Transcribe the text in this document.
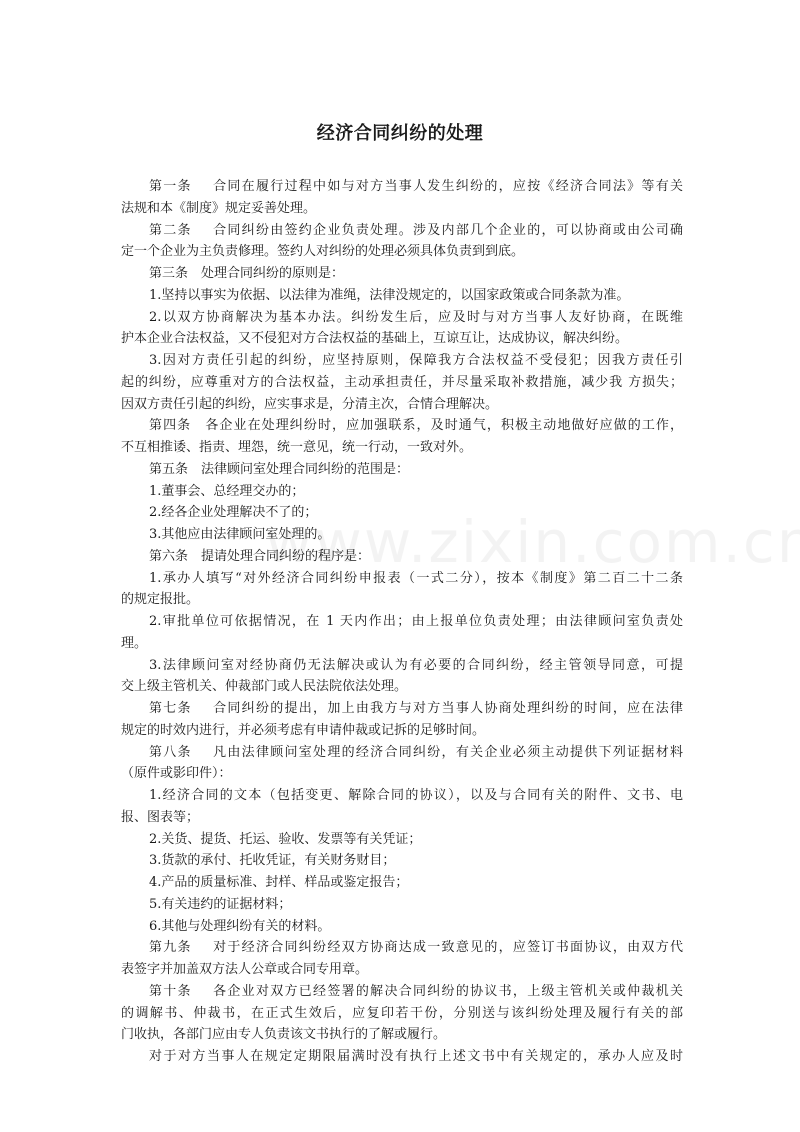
经济合同纠纷的处理
第一条 合同在履行过程中如与对方当事人发生纠纷的，应按《经济合同法》等有关
法规和本《制度》规定妥善处理。
第二条 合同纠纷由签约企业负责处理。涉及内部几个企业的，可以协商或由公司确
定一个企业为主负责修理。签约人对纠纷的处理必须具体负责到到底。
第三条　处理合同纠纷的原则是：
1.坚持以事实为依据、以法律为准绳，法律没规定的，以国家政策或合同条款为准。
2.以双方协商解决为基本办法。纠纷发生后，应及时与对方当事人友好协商，在既维
护本企业合法权益，又不侵犯对方合法权益的基础上，互谅互让，达成协议，解决纠纷。
3.因对方责任引起的纠纷，应坚持原则，保障我方合法权益不受侵犯；因我方责任引
起的纠纷，应尊重对方的合法权益，主动承担责任，并尽量采取补救措施，减少我 方损失；
因双方责任引起的纠纷，应实事求是，分清主次，合情合理解决。
第四条　各企业在处理纠纷时，应加强联系，及时通气，积极主动地做好应做的工作，
不互相推诿、指责、埋怨，统一意见，统一行动，一致对外。
第五条　法律顾问室处理合同纠纷的范围是：
1.董事会、总经理交办的；
2.经各企业处理解决不了的；
3.其他应由法律顾问室处理的。
第六条　提请处理合同纠纷的程序是：
1.承办人填写“对外经济合同纠纷申报表（一式二分），按本《制度》第二百二十二条
的规定报批。
2.审批单位可依据情况，在 1 天内作出；由上报单位负责处理；由法律顾问室负责处
理。
3.法律顾问室对经协商仍无法解决或认为有必要的合同纠纷，经主管领导同意，可提
交上级主管机关、仲裁部门或人民法院依法处理。
第七条 合同纠纷的提出，加上由我方与对方当事人协商处理纠纷的时间，应在法律
规定的时效内进行，并必须考虑有申请仲裁或记拆的足够时间。
第八条 凡由法律顾问室处理的经济合同纠纷，有关企业必须主动提供下列证据材料
（原件或影印件）：
1.经济合同的文本（包括变更、解除合同的协议），以及与合同有关的附件、文书、电
报、图表等；
2.关货、提货、托运、验收、发票等有关凭证；
3.货款的承付、托收凭证，有关财务财目；
4.产品的质量标准、封样、样品或鉴定报告；
5.有关违约的证据材料；
6.其他与处理纠纷有关的材料。
第九条 对于经济合同纠纷经双方协商达成一致意见的，应签订书面协议，由双方代
表签字并加盖双方法人公章或合同专用章。
第十条 各企业对双方已经签署的解决合同纠纷的协议书，上级主管机关或仲裁机关
的调解书、仲裁书，在正式生效后，应复印若干份，分别送与该纠纷处理及履行有关的部
门收执，各部门应由专人负责该文书执行的了解或履行。
对于对方当事人在规定定期限届满时没有执行上述文书中有关规定的，承办人应及时
